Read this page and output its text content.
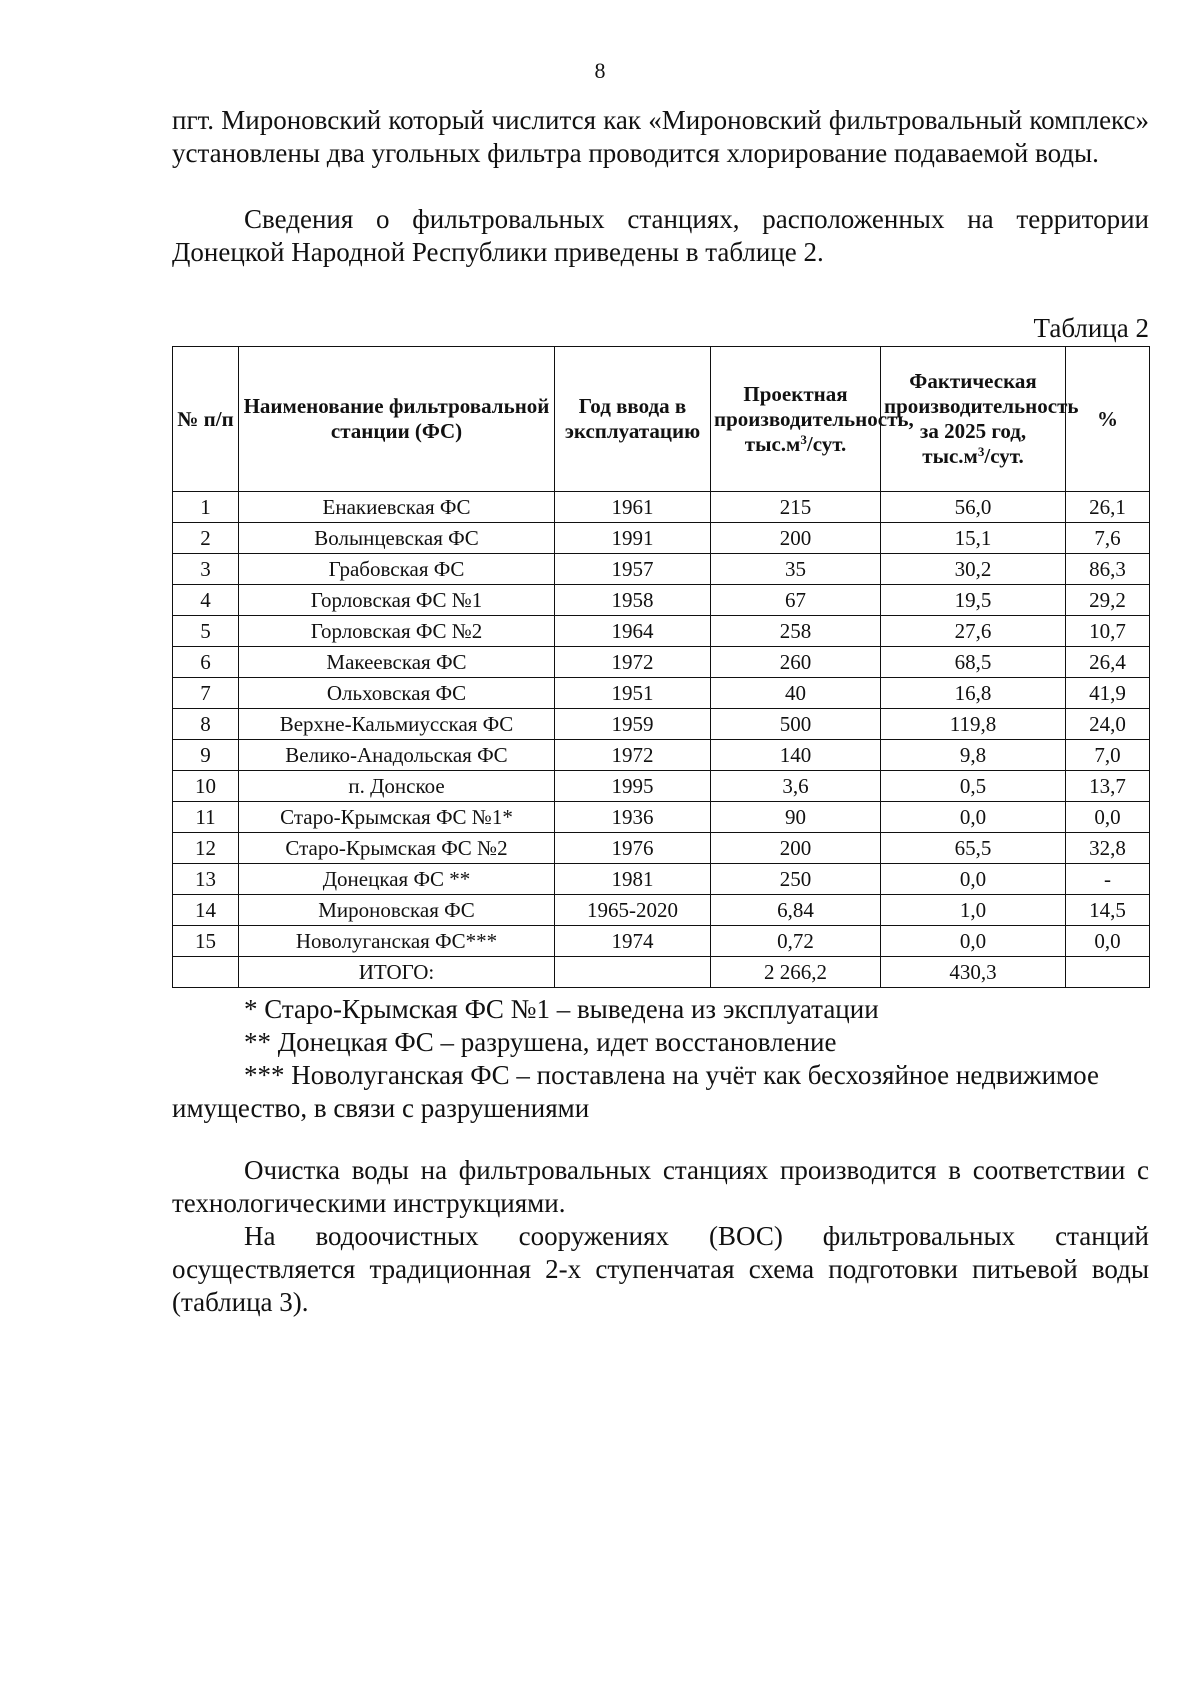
8

пгт. Мироновский который числится как «Мироновский фильтровальный комплекс» установлены два угольных фильтра проводится хлорирование подаваемой воды.

Сведения о фильтровальных станциях, расположенных на территории Донецкой Народной Республики приведены в таблице 2.

Таблица 2
№ п/п	Наименование фильтровальной станции (ФС)	Год ввода в эксплуатацию	Проектная производительность, $тыс.м^3$/сут.	Фактическая производительность за 2025 год, $тыс.м^3$/сут.	%
1	Енакиевская ФС	1961	215	56,0	26,1
2	Волынцевская ФС	1991	200	15,1	7,6
3	Грабовская ФС	1957	35	30,2	86,3
4	Горловская ФС №1	1958	67	19,5	29,2
5	Горловская ФС №2	1964	258	27,6	10,7
6	Макеевская ФС	1972	260	68,5	26,4
7	Ольховская ФС	1951	40	16,8	41,9
8	Верхне-Кальмиусская ФС	1959	500	119,8	24,0
9	Велико-Анадольская ФС	1972	140	9,8	7,0
10	п. Донское	1995	3,6	0,5	13,7
11	Старо-Крымская ФС №1*	1936	90	0,0	0,0
12	Старо-Крымская ФС №2	1976	200	65,5	32,8
13	Донецкая ФС **	1981	250	0,0	-
14	Мироновская ФС	1965-2020	6,84	1,0	14,5
15	Новолуганская ФС***	1974	0,72	0,0	0,0
	ИТОГО:		2 266,2	430,3	

* Старо-Крымская ФС №1 – выведена из эксплуатации

** Донецкая ФС – разрушена, идет восстановление

*** Новолуганская ФС – поставлена на учёт как бесхозяйное недвижимое имущество, в связи с разрушениями

Очистка воды на фильтровальных станциях производится в соответствии с технологическими инструкциями.

На водоочистных сооружениях (ВОС) фильтровальных станций осуществляется традиционная 2-х ступенчатая схема подготовки питьевой воды (таблица 3).
